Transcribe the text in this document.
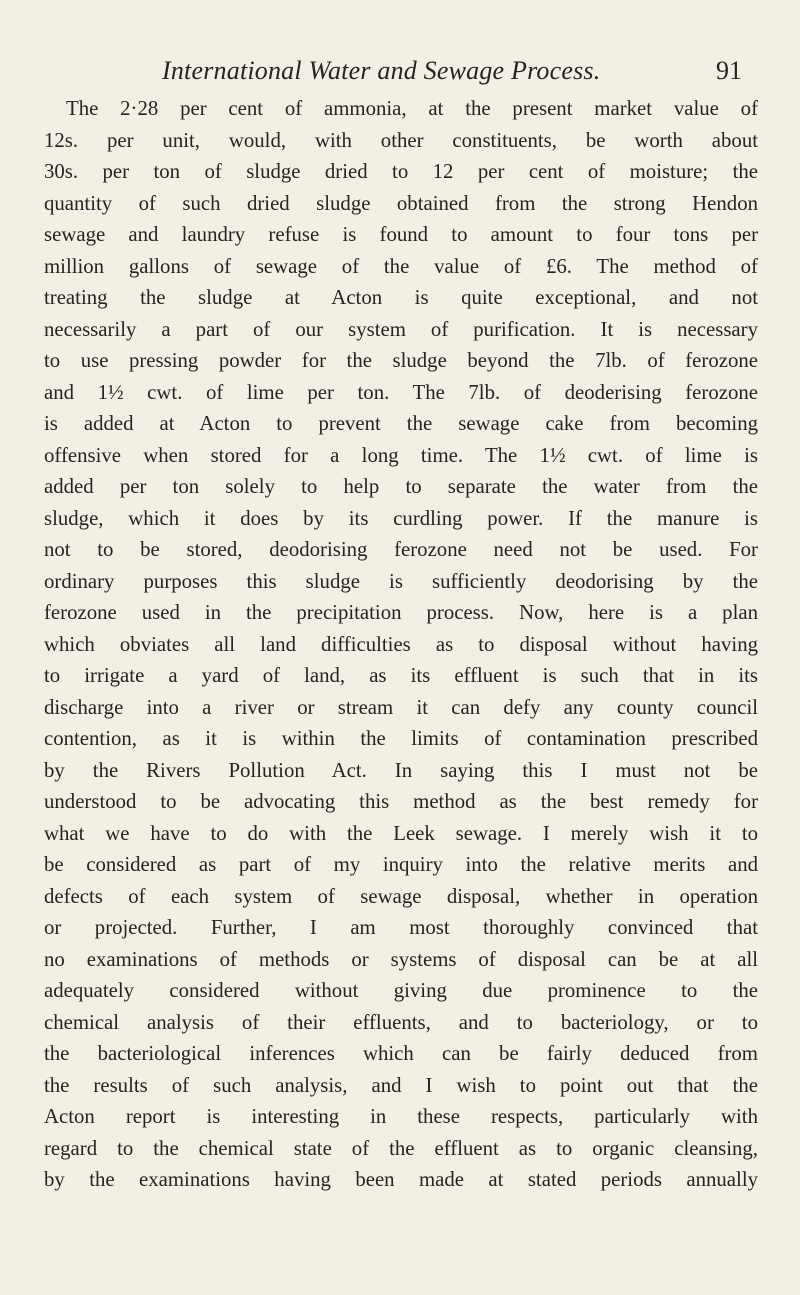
International Water and Sewage Process.	91
The 2·28 per cent of ammonia, at the present market value of
12s. per unit, would, with other constituents, be worth about
30s. per ton of sludge dried to 12 per cent of moisture; the
quantity of such dried sludge obtained from the strong Hendon
sewage and laundry refuse is found to amount to four tons per
million gallons of sewage of the value of £6. The method of
treating the sludge at Acton is quite exceptional, and not
necessarily a part of our system of purification. It is necessary
to use pressing powder for the sludge beyond the 7lb. of ferozone
and 1½ cwt. of lime per ton. The 7lb. of deoderising ferozone
is added at Acton to prevent the sewage cake from becoming
offensive when stored for a long time. The 1½ cwt. of lime is
added per ton solely to help to separate the water from the
sludge, which it does by its curdling power. If the manure is
not to be stored, deodorising ferozone need not be used. For
ordinary purposes this sludge is sufficiently deodorising by the
ferozone used in the precipitation process. Now, here is a plan
which obviates all land difficulties as to disposal without having
to irrigate a yard of land, as its effluent is such that in its
discharge into a river or stream it can defy any county council
contention, as it is within the limits of contamination prescribed
by the Rivers Pollution Act. In saying this I must not be
understood to be advocating this method as the best remedy for
what we have to do with the Leek sewage. I merely wish it to
be considered as part of my inquiry into the relative merits and
defects of each system of sewage disposal, whether in operation
or projected. Further, I am most thoroughly convinced that
no examinations of methods or systems of disposal can be at all
adequately considered without giving due prominence to the
chemical analysis of their effluents, and to bacteriology, or to
the bacteriological inferences which can be fairly deduced from
the results of such analysis, and I wish to point out that the
Acton report is interesting in these respects, particularly with
regard to the chemical state of the effluent as to organic cleansing,
by the examinations having been made at stated periods annually
